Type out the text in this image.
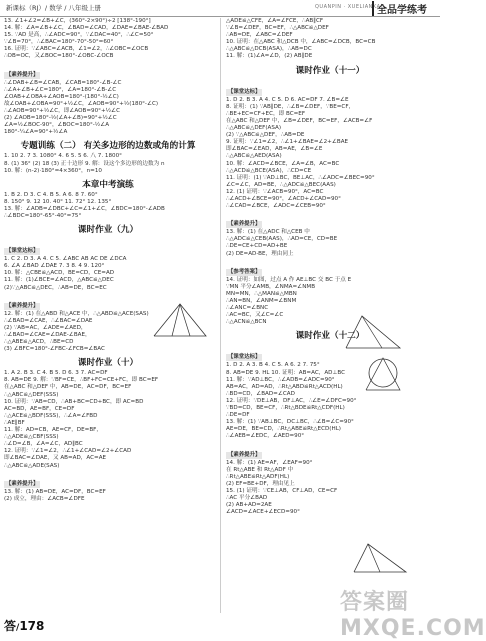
新课标（RJ）/ 数学 / 八年级上册	QUANPIN · XUELIANKAO
全品学练考
13. ∠1+∠2=∠B+∠C，(360°-2×90°)÷2 [138°-190°]
14. 解：∠A=∠B+∠C，∠BAD=∠CAD，∠DAE=∠BAE-∠BAD
15. ∵AD 是高，∴∠ADC=90°，∵∠DAC=40°，∴∠C=50°
∵∠B=70°，∴∠BAC=180°-70°-50°=60°
16. 证明：∵∠ABC=∠ACB，∠1=∠2，∴∠OBC=∠OCB
∴OB=OC，又∠BOC=180°-∠OBC-∠OCB
【素养提升】
∴∠DAB+∠B=∠CAB，∠CAB=180°-∠B-∠C
∴∠A+∠B+∠C=180°，∠A=180°-∠B-∠C
∠OAB+∠OBA+∠AOB=180°-(180°-½∠C)
故∠OAB+∠OBA=90°+½∠C，∠AOB=90°+½(180°-∠C)
∴∠AOB=90°+½∠C，即∠AOB=90°+½∠C
(2) ∠AOB=180°-½(∠A+∠B)=90°+½∠C
∠A=½∠BOC-90°，∠BOC=180°-½∠A
180°-¼∠A=90°+½∠A
专题训练（二） 有关多边形的边数或角的计算
1. 10 2. 7 3. 1080° 4. 6 5. 5 6. 八 7. 1800°
8. (1) 36° (2) 18 (3) 正十边形 9. 解：设这个多边形的边数为 n
10. 解：(n-2)·180°=4×360°，n=10
本章中考演练
1. B 2. D 3. C 4. B 5. A 6. 8 7. 60°
8. 150° 9. 12 10. 40° 11. 72° 12. 135°
13. 解：∠ADB=∠DBC+∠C=∠1+∠C，∠BDC=180°-∠ADB
∴∠BDC=180°-65°-40°=75°
课时作业（九）
【课堂达标】
1. C 2. D 3. A 4. C 5. ∠ABC AB AC DE ∠DCA
6. ∠A ∠BAD ∠DAE 7. 3 8. 4 9. 120°
10. 解：△CBE≌△ACD，BE=CD，CE=AD
11. 解：(1)∠BCE=∠ACD，△ABC≌△DEC
(2)∵△ABC≌△DEC，∴AB=DE，BC=EC
【素养提升】
12. 解：(1) 在△ABD 和△ACE 中，∴△ABD≌△ACE(SAS)
∴∠BAD=∠CAE，∴∠BAC=∠DAE
(2) ∵AB=AC，∠ADE=∠AED，
∴∠BAD=∠CAE=∠DAE-∠BAE，
∴△ABE≌△ACD，∴BE=CD
(3) ∠BFC=180°-∠FBC-∠FCB=∠BAC
课时作业（十）
1. A 2. B 3. C 4. B 5. D 6. 3 7. AC=DF
8. AB=DE 9. 解：∵BF=CE，∴BF+FC=CE+FC，即 BC=EF
在△ABC 和△DEF 中，AB=DE，AC=DF，BC=EF
∴△ABC≌△DEF(SSS)
10. 证明：∵AB=CD，∴AB+BC=CD+BC，即 AC=BD
AC=BD，AE=BF，CE=DF
∴△ACE≌△BDF(SSS)，∴∠A=∠FBD
∴AE∥BF
11. 解：AD=CB，AE=CF，DE=BF，
∴△ADE≌△CBF(SSS)
∴∠D=∠B，∠A=∠C，AD∥BC
12. 证明：∵∠1=∠2，∴∠1+∠CAD=∠2+∠CAD
即∠BAC=∠DAE，又 AB=AD，AC=AE
∴△ABC≌△ADE(SAS)
【素养提升】
13. 解：(1) AB=DE，AC=DF，BC=EF
(2) 成立，理由：∠ACB=∠DFE
△ADE≌△CFE，∠A=∠FCE，∴AB∥CF
∵∠B=∠DEF，BC=EF，∴△ABC≌△DEF
∴AB=DE，∠ABC=∠DEF
10. 证明：在△ABC 和△DCB 中，∠ABC=∠DCB，BC=CB
∴△ABC≌△DCB(ASA)，∴AB=DC
11. 解：(1)∠A=∠D，(2) AB∥DE
课时作业（十一）
【课堂达标】
1. D 2. B 3. A 4. C 5. D 6. AC=DF 7. ∠B=∠E
8. 证明：(1) ∵AB∥DE，∴∠B=∠DEF，∵BE=CF，
∴BE+EC=CF+EC，即 BC=EF
在△ABC 和△DEF 中，∠B=∠DEF，BC=EF，∠ACB=∠F
∴△ABC≌△DEF(ASA)
(2) ∵△ABC≌△DEF，∴AB=DE
9. 证明：∵∠1=∠2，∴∠1+∠BAE=∠2+∠BAE
即∠BAC=∠EAD，AB=AE，∠B=∠E
∴△ABC≌△AED(ASA)
10. 解：∠ACD=∠BCE，∠A=∠B，AC=BC
∴△ACD≌△BCE(ASA)，∴CD=CE
11. 证明：(1) ∵AD⊥BC，BE⊥AC，∴∠ADC=∠BEC=90°
∠C=∠C，AD=BE，∴△ADC≌△BEC(AAS)
12. (1) 证明：∵∠ACB=90°，AC=BC
∴∠ACD+∠BCE=90°，∠ACD+∠CAD=90°
∴∠CAD=∠BCE，∠ADC=∠CEB=90°
【素养提升】
13. 解：(1) 在△ADC 和△CEB 中
∴△ADC≌△CEB(AAS)，∴AD=CE，CD=BE
∴DE=CE+CD=AD+BE
(2) DE=AD-BE，理由同上
【参考答案】
14. 证明：如图，过点 A 作 AE⊥BC 交 BC 于点 E
∵MN 平分∠AMB，∠NMA=∠NMB
MN=MN，∴△MAN≌△MBN
∴AN=BN，∠ANM=∠BNM
∴∠ANC=∠BNC
∴AC=BC，又∠C=∠C
∴△ACN≌△BCN
课时作业（十二）
【课堂达标】
1. D 2. A 3. B 4. C 5. A 6. 2 7. 75°
8. AB=DE 9. HL 10. 证明：AB=AC，AD⊥BC
11. 解：∵AD⊥BC，∴∠ADB=∠ADC=90°
AB=AC，AD=AD，∴Rt△ABD≌Rt△ACD(HL)
∴BD=CD，∠BAD=∠CAD
12. 证明：∵DE⊥AB，DF⊥AC，∴∠E=∠DFC=90°
∵BD=CD，BE=CF，∴Rt△BDE≌Rt△CDF(HL)
∴DE=DF
13. 解：(1) ∵AB⊥BC，DC⊥BC，∴∠B=∠C=90°
AE=DE，BE=CD，∴Rt△ABE≌Rt△ECD(HL)
∴∠AEB=∠EDC，∠AED=90°
【素养提升】
14. 解：(1) AE=AF，∠EAF=90°
在 Rt△ABE 和 Rt△ADF 中
∴Rt△ABE≌Rt△ADF(HL)
(2) EF=BE+DF，理由见上
15. (1) 证明：∵CE⊥AB，CF⊥AD，CE=CF
∴AC 平分∠BAD
(2) AB+AD=2AE
∠ACD=∠ACE+∠ECD=90°
答/178
答案圈 MXQE.COM
